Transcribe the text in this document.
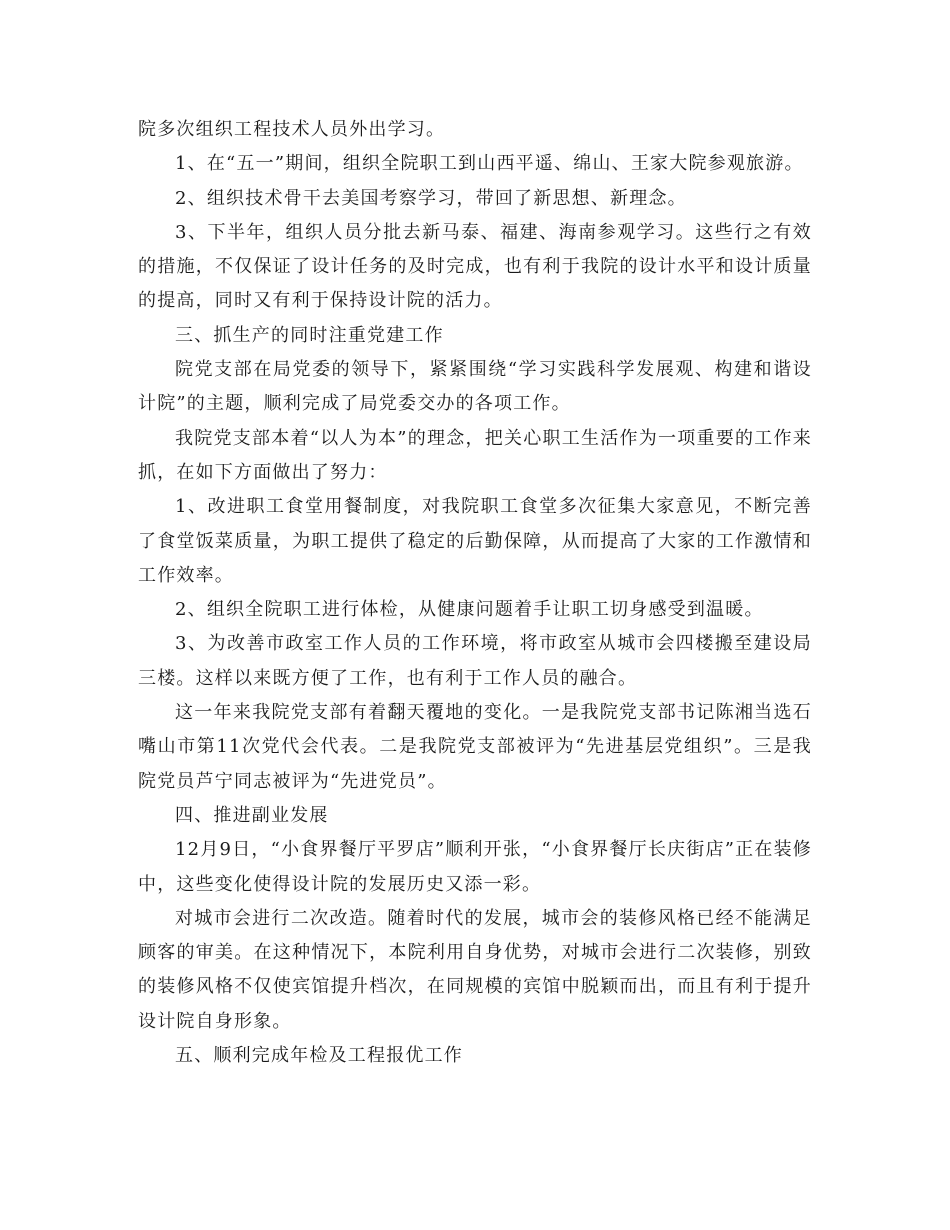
院多次组织工程技术人员外出学习。

1、在“五一”期间，组织全院职工到山西平遥、绵山、王家大院参观旅游。

2、组织技术骨干去美国考察学习，带回了新思想、新理念。

3、下半年，组织人员分批去新马泰、福建、海南参观学习。这些行之有效的措施，不仅保证了设计任务的及时完成，也有利于我院的设计水平和设计质量的提高，同时又有利于保持设计院的活力。

三、抓生产的同时注重党建工作

院党支部在局党委的领导下，紧紧围绕“学习实践科学发展观、构建和谐设计院”的主题，顺利完成了局党委交办的各项工作。

我院党支部本着“以人为本”的理念，把关心职工生活作为一项重要的工作来抓，在如下方面做出了努力：

1、改进职工食堂用餐制度，对我院职工食堂多次征集大家意见，不断完善了食堂饭菜质量，为职工提供了稳定的后勤保障，从而提高了大家的工作激情和工作效率。

2、组织全院职工进行体检，从健康问题着手让职工切身感受到温暖。

3、为改善市政室工作人员的工作环境，将市政室从城市会四楼搬至建设局三楼。这样以来既方便了工作，也有利于工作人员的融合。

这一年来我院党支部有着翻天覆地的变化。一是我院党支部书记陈湘当选石嘴山市第11次党代会代表。二是我院党支部被评为“先进基层党组织”。三是我院党员芦宁同志被评为“先进党员”。

四、推进副业发展

12月9日，“小食界餐厅平罗店”顺利开张，“小食界餐厅长庆街店”正在装修中，这些变化使得设计院的发展历史又添一彩。

对城市会进行二次改造。随着时代的发展，城市会的装修风格已经不能满足顾客的审美。在这种情况下，本院利用自身优势，对城市会进行二次装修，别致的装修风格不仅使宾馆提升档次，在同规模的宾馆中脱颖而出，而且有利于提升设计院自身形象。

五、顺利完成年检及工程报优工作
